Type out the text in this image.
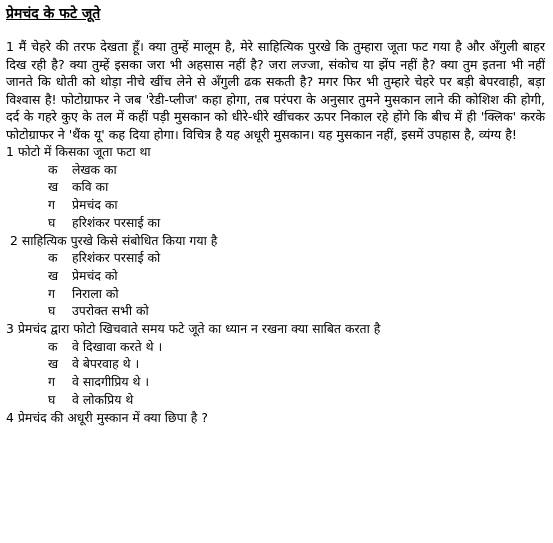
प्रेमचंद के फटे जूते

1 मैं चेहरे की तरफ देखता हूँ। क्या तुम्हें मालूम है, मेरे साहित्यिक पुरखे कि तुम्हारा जूता फट गया है और अँगुली बाहर दिख रही है? क्या तुम्हें इसका जरा भी अहसास नहीं है? जरा लज्जा, संकोच या झेंप नहीं है? क्या तुम इतना भी नहीं जानते कि धोती को थोड़ा नीचे खींच लेने से अँगुली ढक सकती है? मगर फिर भी तुम्हारे चेहरे पर बड़ी बेपरवाही, बड़ा विश्वास है! फोटोग्राफर ने जब 'रेडी-प्लीज' कहा होगा, तब परंपरा के अनुसार तुमने मुसकान लाने की कोशिश की होगी, दर्द के गहरे कुए के तल में कहीं पड़ी मुसकान को धीरे-धीरे खींचकर ऊपर निकाल रहे होंगे कि बीच में ही 'क्लिक' करके फोटोग्राफर ने 'थैंक यू' कह दिया होगा। विचित्र है यह अधूरी मुसकान। यह मुसकान नहीं, इसमें उपहास है, व्यंग्य है!

1 फोटो में किसका जूता फटा था

क लेखक का

ख कवि का

ग प्रेमचंद का

घ हरिशंकर परसाई का

2 साहित्यिक पुरखे किसे संबोधित किया गया है

क हरिशंकर परसाई को

ख प्रेमचंद को

ग निराला को

घ उपरोक्त सभी को

3 प्रेमचंद द्वारा फोटो खिचवाते समय फटे जूते का ध्यान न रखना क्या साबित करता है

क वे दिखावा करते थे ।

ख वे बेपरवाह थे ।

ग वे सादगीप्रिय थे ।

घ वे लोकप्रिय थे

4 प्रेमचंद की अधूरी मुस्कान में क्या छिपा है ?
